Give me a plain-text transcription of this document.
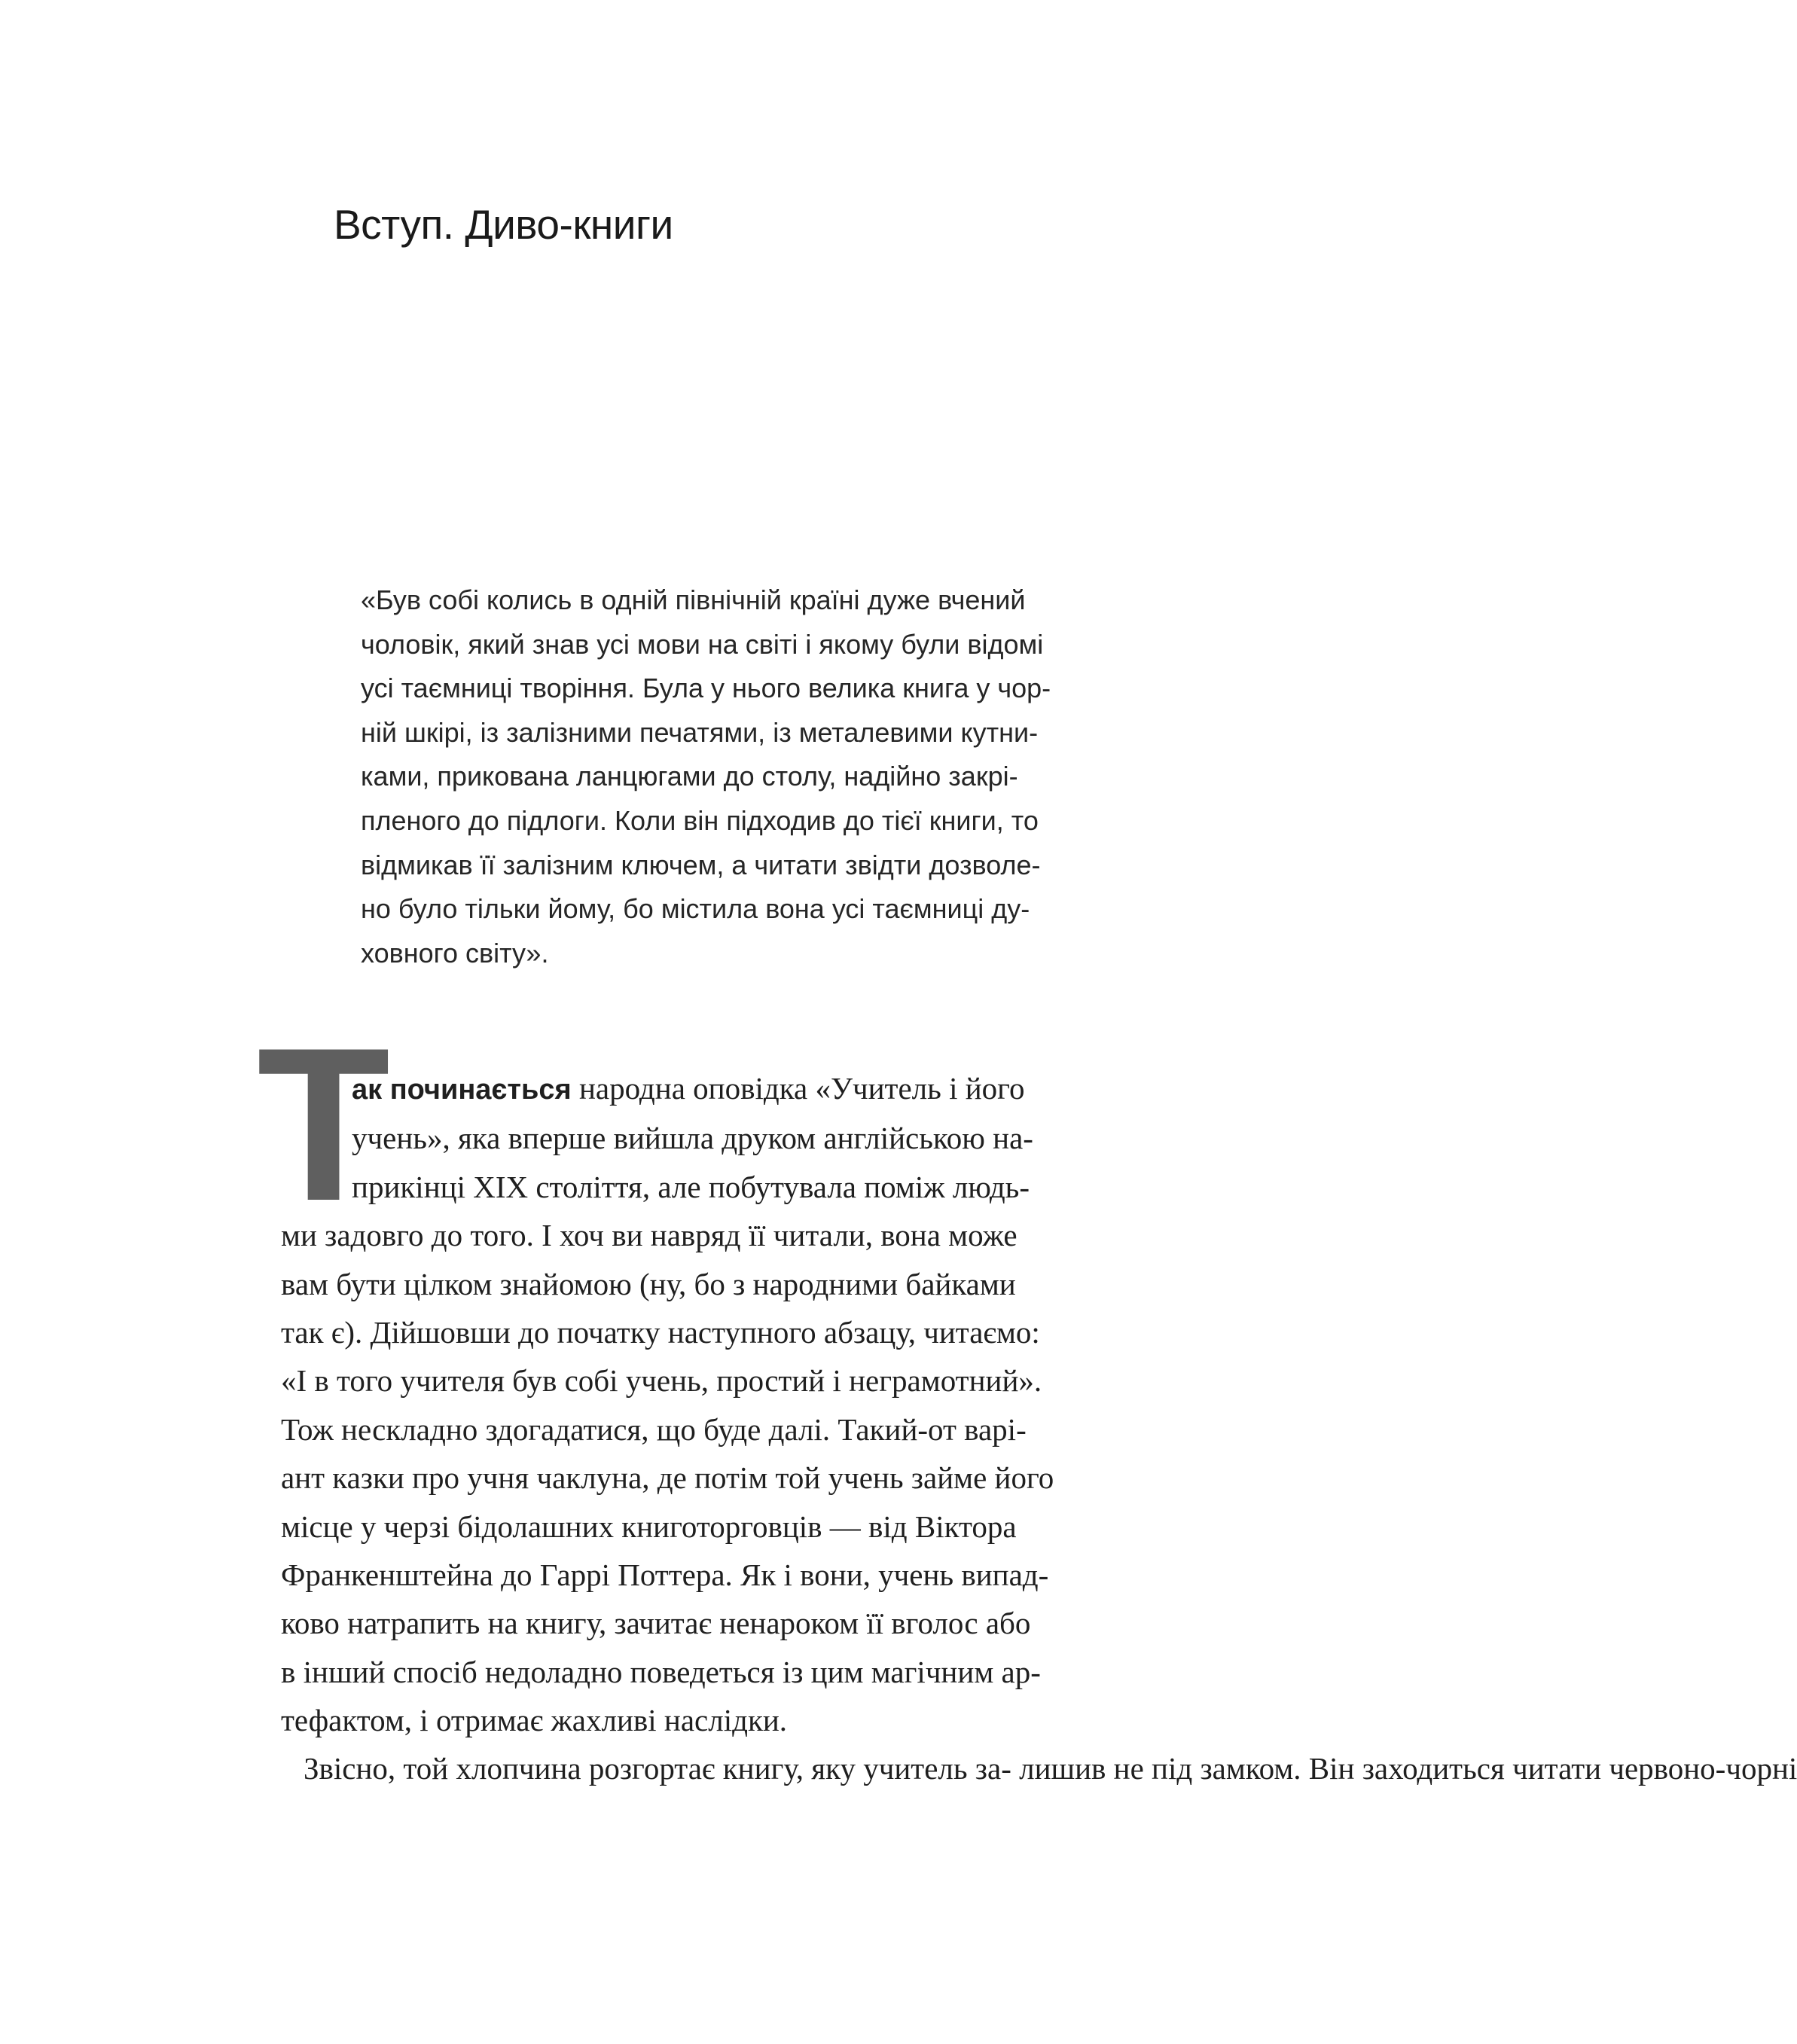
Вступ. Диво-книги
«Був собі колись в одній північній країні дуже вчений
чоловік, який знав усі мови на світі і якому були відомі
усі таємниці творіння. Була у нього велика книга у чор-
ній шкірі, із залізними печатями, із металевими кутни-
ками, прикована ланцюгами до столу, надійно закрі-
пленого до підлоги. Коли він підходив до тієї книги, то
відмикав її залізним ключем, а читати звідти дозволе-
но було тільки йому, бо містила вона усі таємниці ду-
ховного світу».
Т
ак починається народна оповідка «Учитель і його
учень», яка вперше вийшла друком англійською на-
прикінці XIX століття, але побутувала поміж людь-
ми задовго до того. І хоч ви навряд її читали, вона може
вам бути цілком знайомою (ну, бо з народними байками
так є). Дійшовши до початку наступного абзацу, читаємо:
«І в того учителя був собі учень, простий і неграмотний».
Тож нескладно здогадатися, що буде далі. Такий-от варі-
ант казки про учня чаклуна, де потім той учень займе його
місце у черзі бідолашних книготорговців — від Віктора
Франкенштейна до Гаррі Поттера. Як і вони, учень випад-
ково натрапить на книгу, зачитає ненароком її вголос або
в інший спосіб недоладно поведеться із цим магічним ар-
тефактом, і отримає жахливі наслідки.
Звісно, той хлопчина розгортає книгу, яку учитель за- лишив не під замком. Він заходиться читати червоно-чорні
